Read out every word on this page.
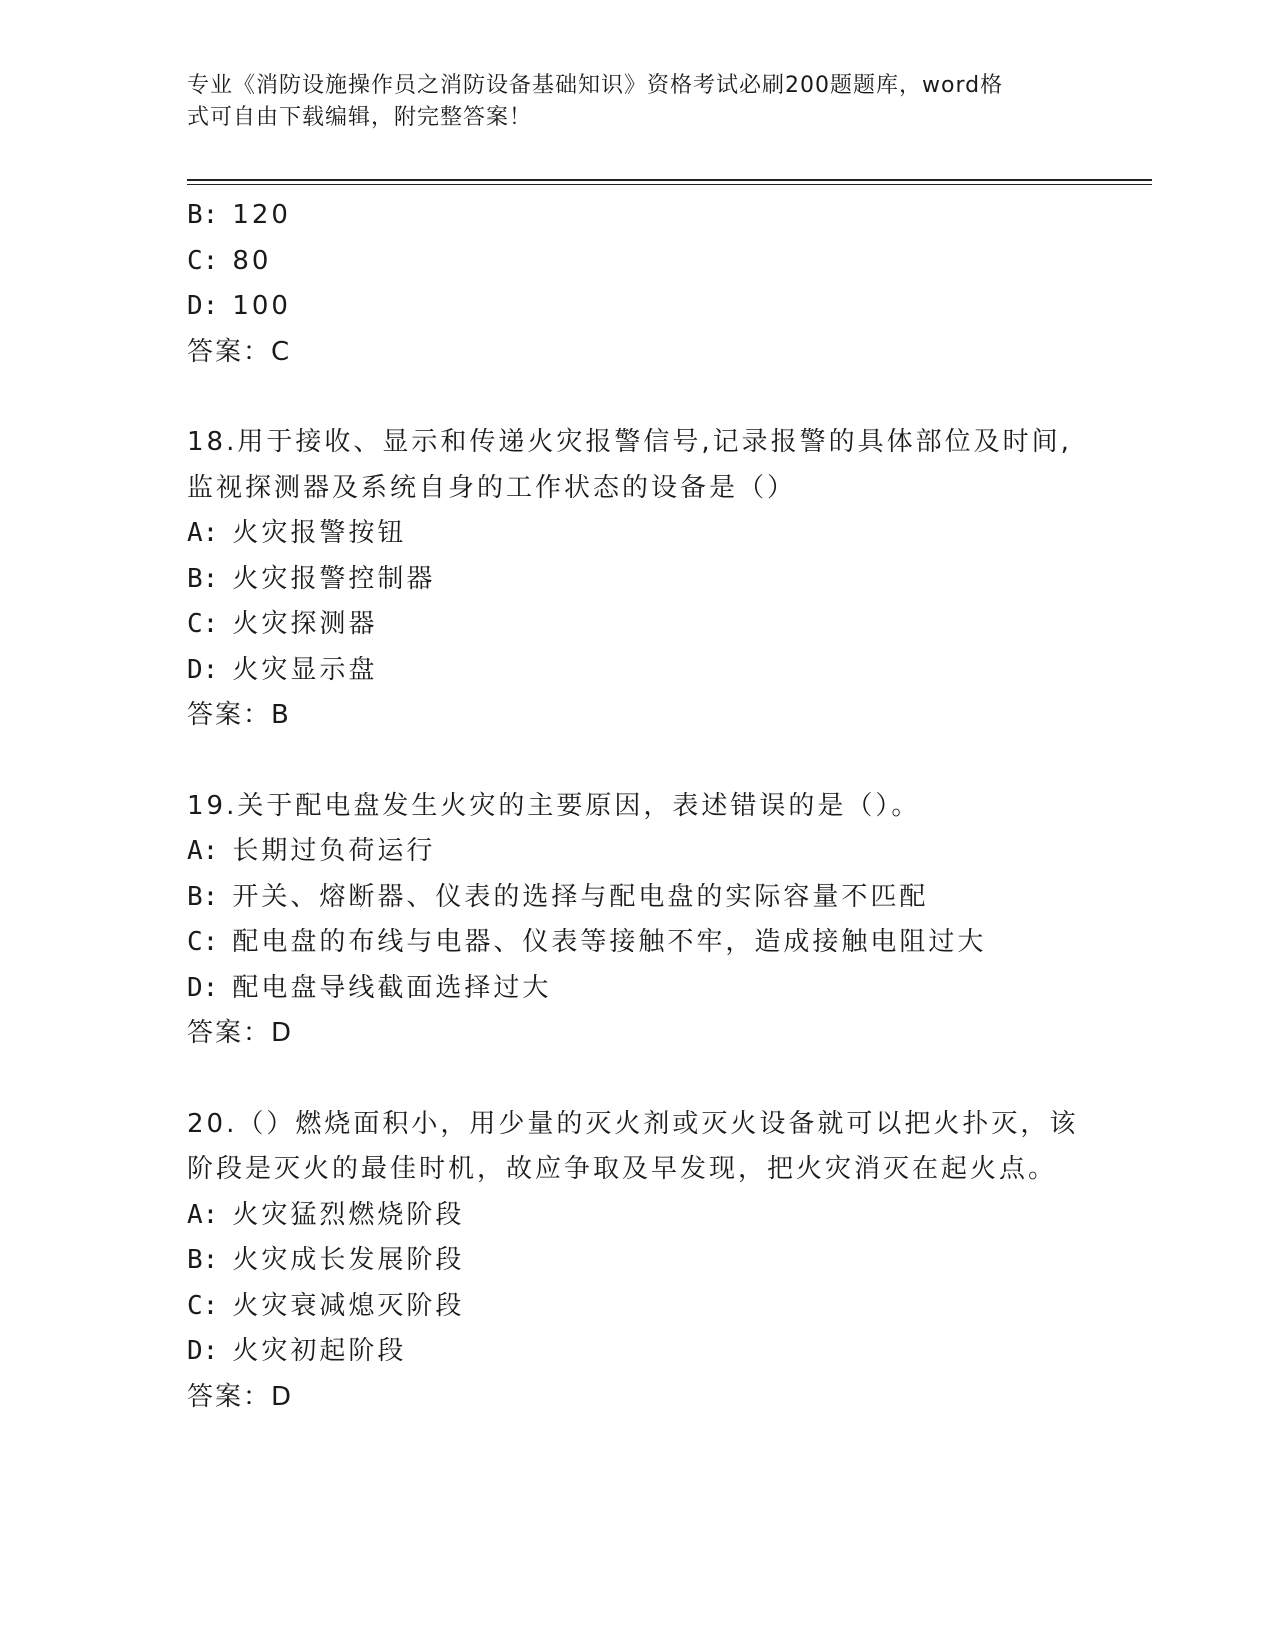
专业《消防设施操作员之消防设备基础知识》资格考试必刷200题题库，word格
式可自由下载编辑，附完整答案！
B: 120
C: 80
D: 100
答案：C
18.用于接收、显示和传递火灾报警信号,记录报警的具体部位及时间,
监视探测器及系统自身的工作状态的设备是（）
A: 火灾报警按钮
B: 火灾报警控制器
C: 火灾探测器
D: 火灾显示盘
答案：B
19.关于配电盘发生火灾的主要原因，表述错误的是（）。
A: 长期过负荷运行
B: 开关、熔断器、仪表的选择与配电盘的实际容量不匹配
C: 配电盘的布线与电器、仪表等接触不牢，造成接触电阻过大
D: 配电盘导线截面选择过大
答案：D
20.（）燃烧面积小，用少量的灭火剂或灭火设备就可以把火扑灭，该
阶段是灭火的最佳时机，故应争取及早发现，把火灾消灭在起火点。
A: 火灾猛烈燃烧阶段
B: 火灾成长发展阶段
C: 火灾衰减熄灭阶段
D: 火灾初起阶段
答案：D
